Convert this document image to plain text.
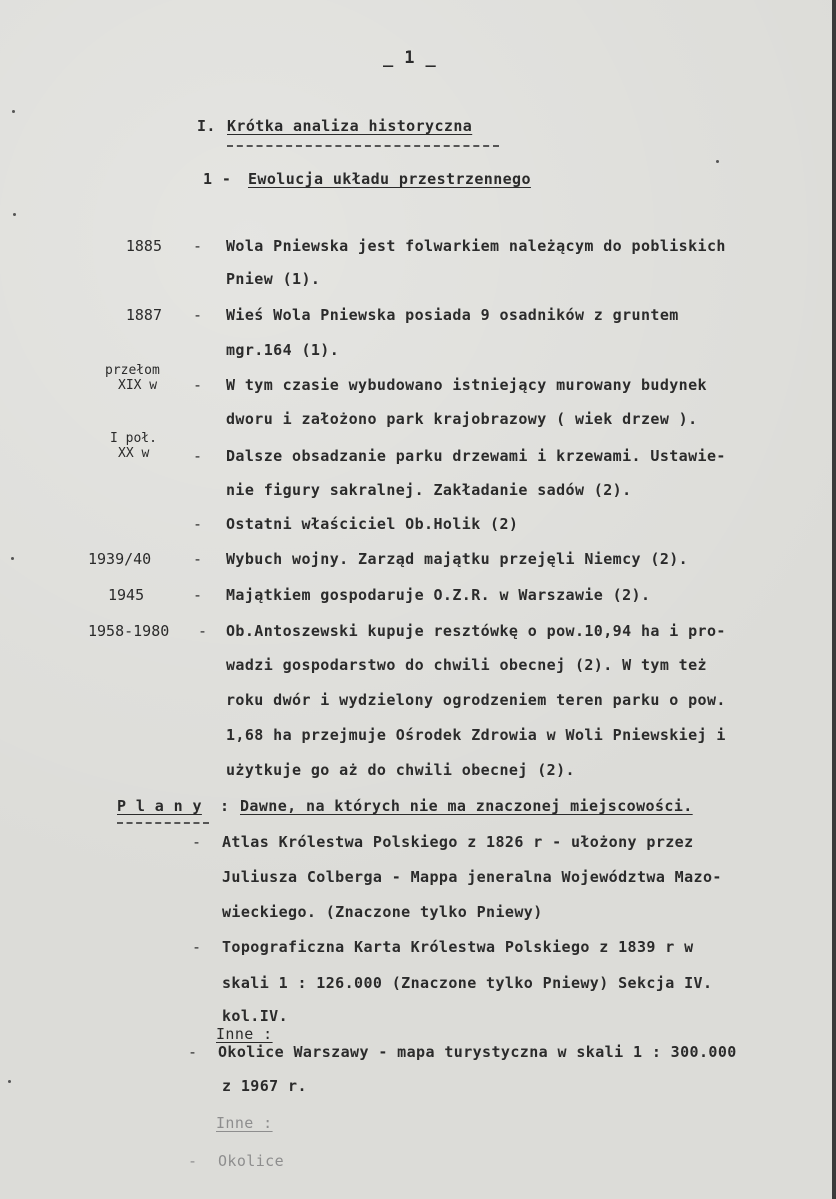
_ 1 _
I. Krótka analiza historyczna
1 - Ewolucja układu przestrzennego
1885 - Wola Pniewska jest folwarkiem należącym do pobliskich
Pniew (1).
1887 - Wieś Wola Pniewska posiada 9 osadników z gruntem
mgr.164 (1).
przełom
XIX w - W tym czasie wybudowano istniejący murowany budynek
dworu i założono park krajobrazowy ( wiek drzew ).
I poł.
XX w	- Dalsze obsadzanie parku drzewami i krzewami. Ustawie-
nie figury sakralnej. Zakładanie sadów (2).
- Ostatni właściciel Ob.Holik (2)
1939/40	- Wybuch wojny. Zarząd majątku przejęli Niemcy (2).
1945	- Majątkiem gospodaruje O.Z.R. w Warszawie (2).
1958-1980 - Ob.Antoszewski kupuje resztówkę o pow.10,94 ha i pro-
wadzi gospodarstwo do chwili obecnej (2). W tym też
roku dwór i wydzielony ogrodzeniem teren parku o pow.
1,68 ha przejmuje Ośrodek Zdrowia w Woli Pniewskiej i
użytkuje go aż do chwili obecnej (2).
P l a n y : Dawne, na których nie ma znaczonej miejscowości.
- Atlas Królestwa Polskiego z 1826 r - ułożony przez
Juliusza Colberga - Mappa jeneralna Województwa Mazo-
wieckiego. (Znaczone tylko Pniewy)
- Topograficzna Karta Królestwa Polskiego z 1839 r w
skali 1 : 126.000 (Znaczone tylko Pniewy) Sekcja IV.
kol.IV.
Inne :
- Okolice Warszawy - mapa turystyczna w skali 1 : 300.000
z 1967 r.
Inne :
- Okolice
